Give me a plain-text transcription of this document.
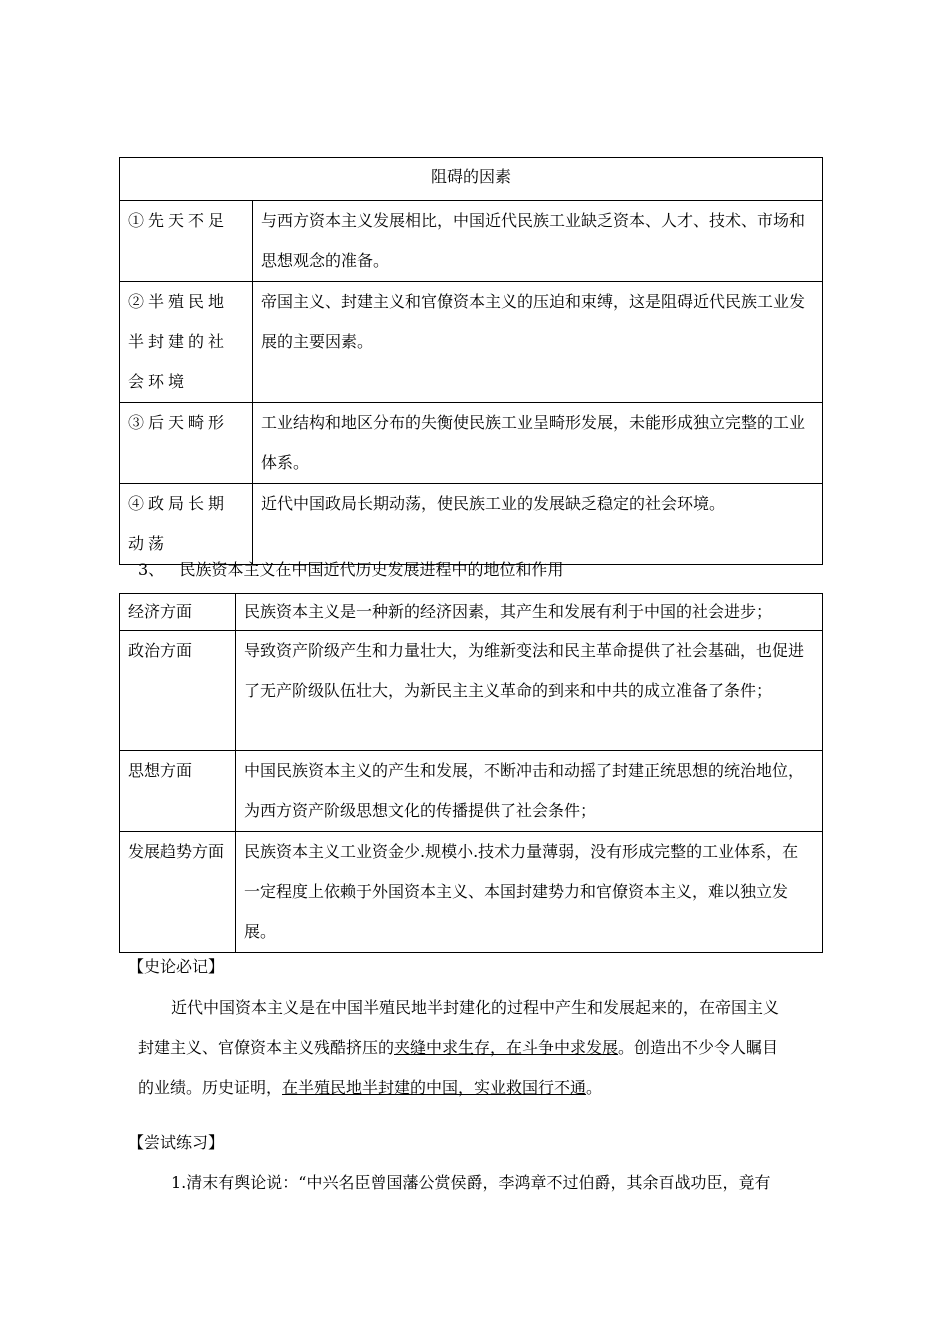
阻碍的因素	
①先天不足	与西方资本主义发展相比，中国近代民族工业缺乏资本、人才、技术、市场和思想观念的准备。
②半殖民地半封建的社会环境	帝国主义、封建主义和官僚资本主义的压迫和束缚，这是阻碍近代民族工业发展的主要因素。
③后天畸形	工业结构和地区分布的失衡使民族工业呈畸形发展，未能形成独立完整的工业体系。
④政局长期动荡	近代中国政局长期动荡，使民族工业的发展缺乏稳定的社会环境。
3、 民族资本主义在中国近代历史发展进程中的地位和作用
经济方面	民族资本主义是一种新的经济因素，其产生和发展有利于中国的社会进步；
政治方面	导致资产阶级产生和力量壮大，为维新变法和民主革命提供了社会基础，也促进了无产阶级队伍壮大，为新民主主义革命的到来和中共的成立准备了条件；
思想方面	中国民族资本主义的产生和发展，不断冲击和动摇了封建正统思想的统治地位，为西方资产阶级思想文化的传播提供了社会条件；
发展趋势方面	民族资本主义工业资金少.规模小.技术力量薄弱，没有形成完整的工业体系，在一定程度上依赖于外国资本主义、本国封建势力和官僚资本主义，难以独立发展。
【史论必记】
近代中国资本主义是在中国半殖民地半封建化的过程中产生和发展起来的，在帝国主义
封建主义、官僚资本主义残酷挤压的夹缝中求生存，在斗争中求发展。创造出不少令人瞩目
的业绩。历史证明，在半殖民地半封建的中国，实业救国行不通。
【尝试练习】
1.清末有舆论说：“中兴名臣曾国藩公赏侯爵，李鸿章不过伯爵，其余百战功臣，竟有
